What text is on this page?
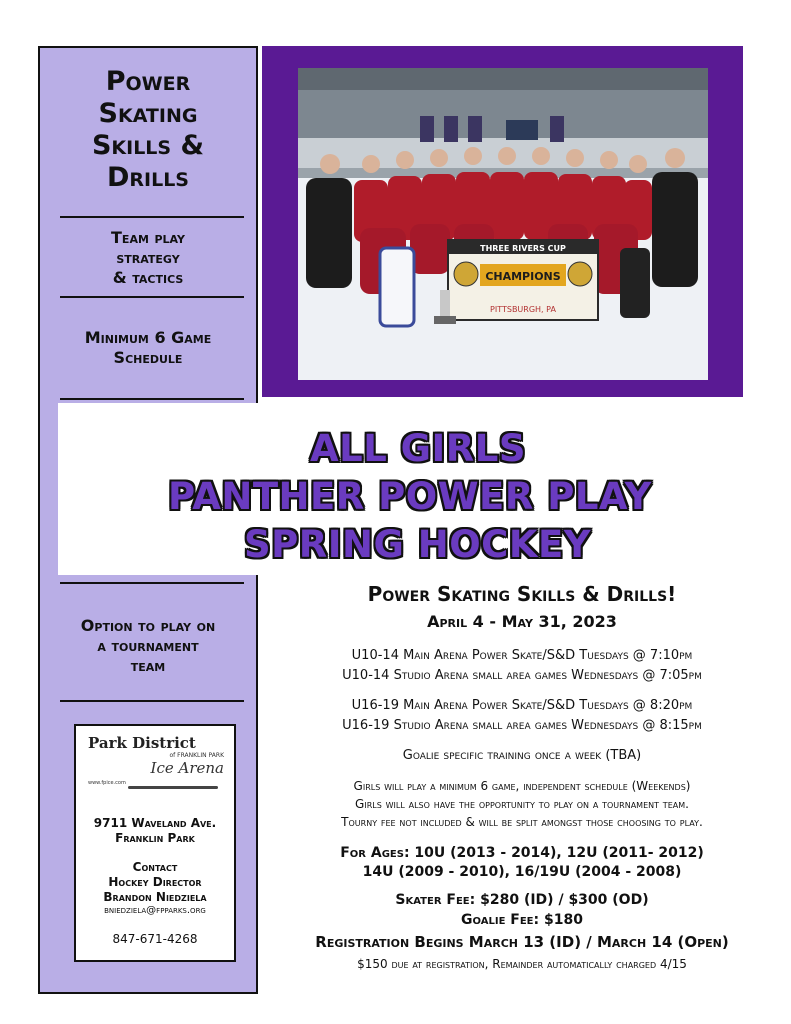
Power
Skating
Skills &
Drills
Team play
strategy
& tactics
Minimum 6 Game
Schedule
Option to play on
a tournament
team
THREE RIVERS CUP
CHAMPIONS
PITTSBURGH, PA
ALL GIRLS
PANTHER POWER PLAY
SPRING HOCKEY
Power Skating Skills & Drills!
April 4 - May 31, 2023
U10-14 Main Arena Power Skate/S&D Tuesdays @ 7:10pm
U10-14 Studio Arena small area games Wednesdays @ 7:05pm
U16-19 Main Arena Power Skate/S&D Tuesdays @ 8:20pm
U16-19 Studio Arena small area games Wednesdays @ 8:15pm
Goalie specific training once a week (TBA)
Girls will play a minimum 6 game, independent schedule (Weekends)
Girls will also have the opportunity to play on a tournament team.
Tourny fee not included & will be split amongst those choosing to play.
For Ages: 10U (2013 - 2014), 12U (2011- 2012)
14U (2009 - 2010), 16/19U (2004 - 2008)
Skater Fee: $280 (ID) / $300 (OD)
Goalie Fee: $180
Registration Begins March 13 (ID) / March 14 (Open)
$150 due at registration, Remainder automatically charged 4/15
Park District
of FRANKLIN PARK
Ice Arena
www.fpice.com
9711 Waveland Ave.
Franklin Park
Contact
Hockey Director
Brandon Niedziela
bniedziela@fpparks.org
847-671-4268
